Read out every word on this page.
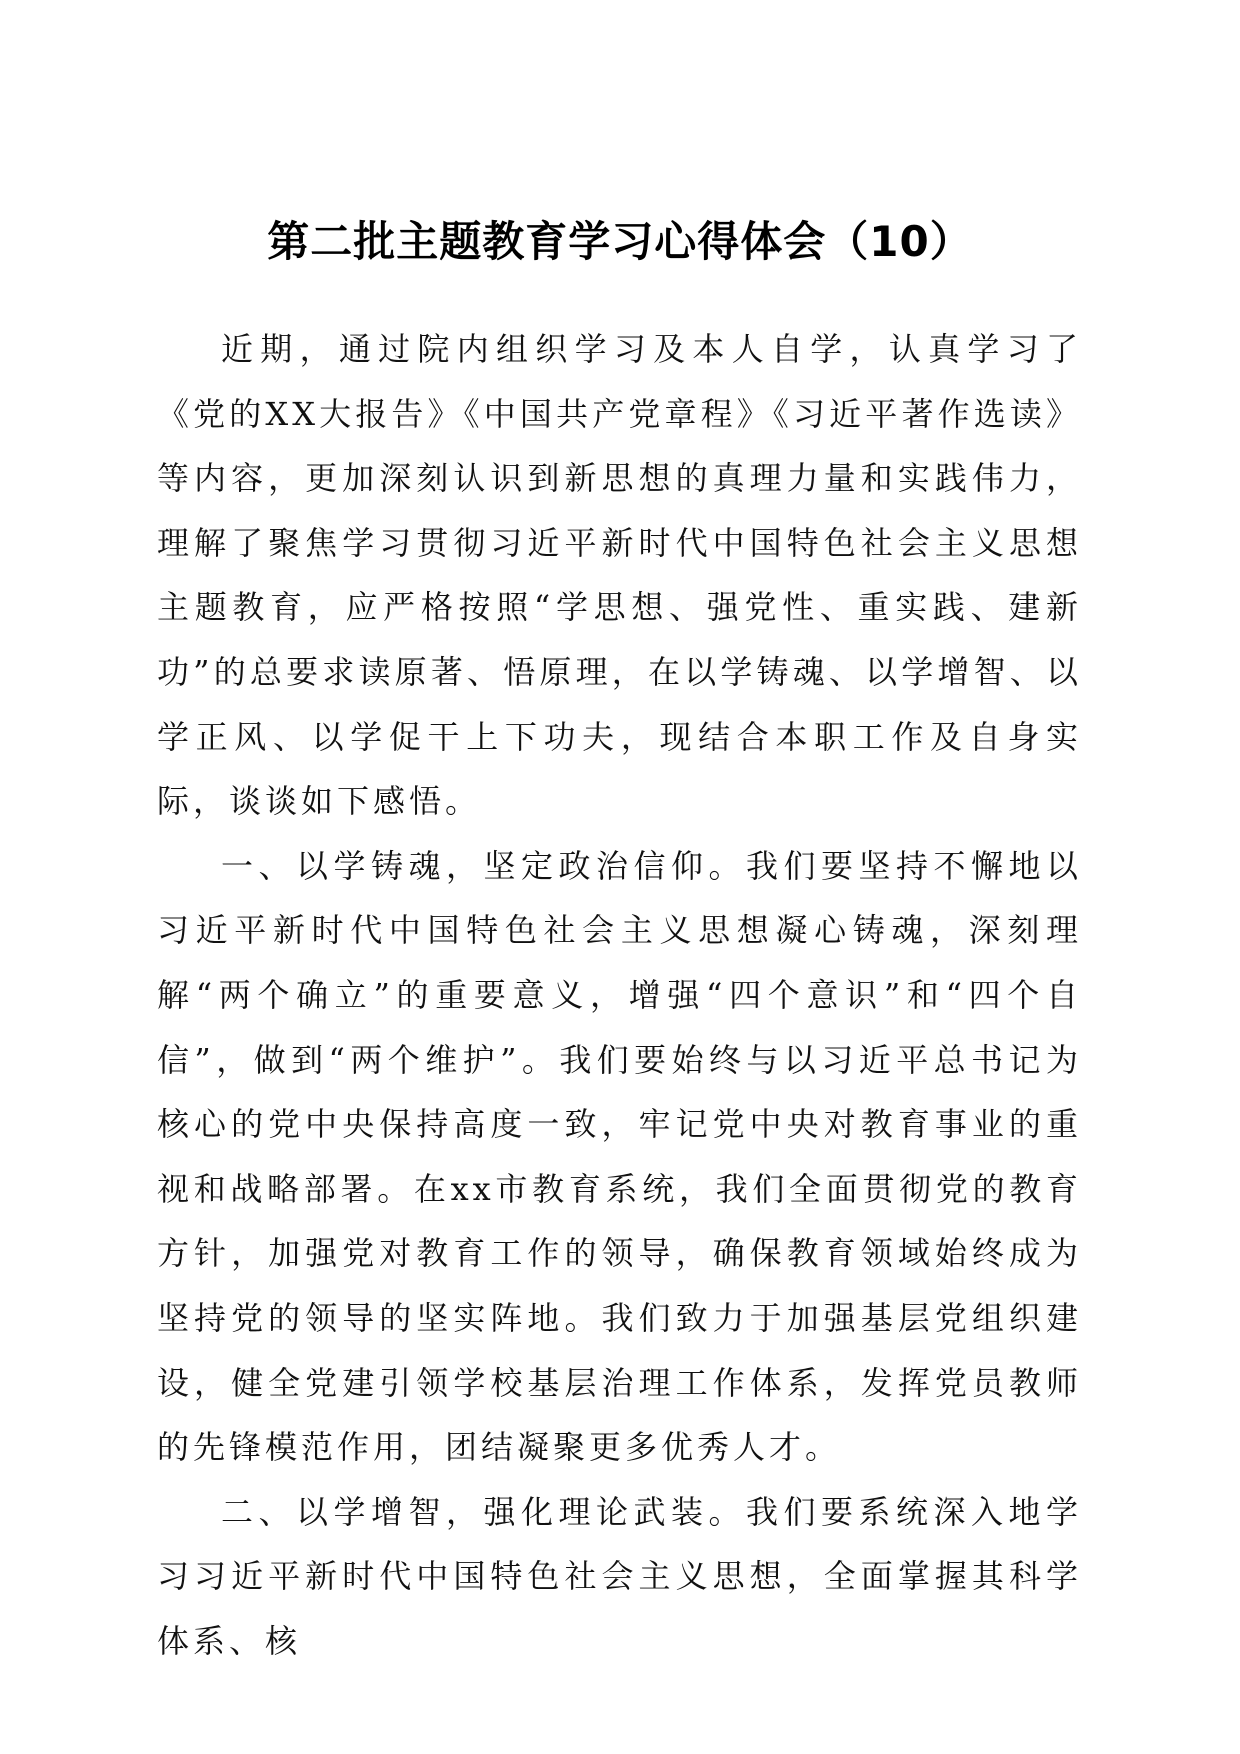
第二批主题教育学习心得体会（10）

近期，通过院内组织学习及本人自学，认真学习了《党的XX大报告》《中国共产党章程》《习近平著作选读》等内容，更加深刻认识到新思想的真理力量和实践伟力，理解了聚焦学习贯彻习近平新时代中国特色社会主义思想主题教育，应严格按照“学思想、强党性、重实践、建新功”的总要求读原著、悟原理，在以学铸魂、以学增智、以学正风、以学促干上下功夫，现结合本职工作及自身实际，谈谈如下感悟。

一、以学铸魂，坚定政治信仰。我们要坚持不懈地以习近平新时代中国特色社会主义思想凝心铸魂，深刻理解“两个确立”的重要意义，增强“四个意识”和“四个自信”，做到“两个维护”。我们要始终与以习近平总书记为核心的党中央保持高度一致，牢记党中央对教育事业的重视和战略部署。在xx市教育系统，我们全面贯彻党的教育方针，加强党对教育工作的领导，确保教育领域始终成为坚持党的领导的坚实阵地。我们致力于加强基层党组织建设，健全党建引领学校基层治理工作体系，发挥党员教师的先锋模范作用，团结凝聚更多优秀人才。

二、以学增智，强化理论武装。我们要系统深入地学习习近平新时代中国特色社会主义思想，全面掌握其科学体系、核
